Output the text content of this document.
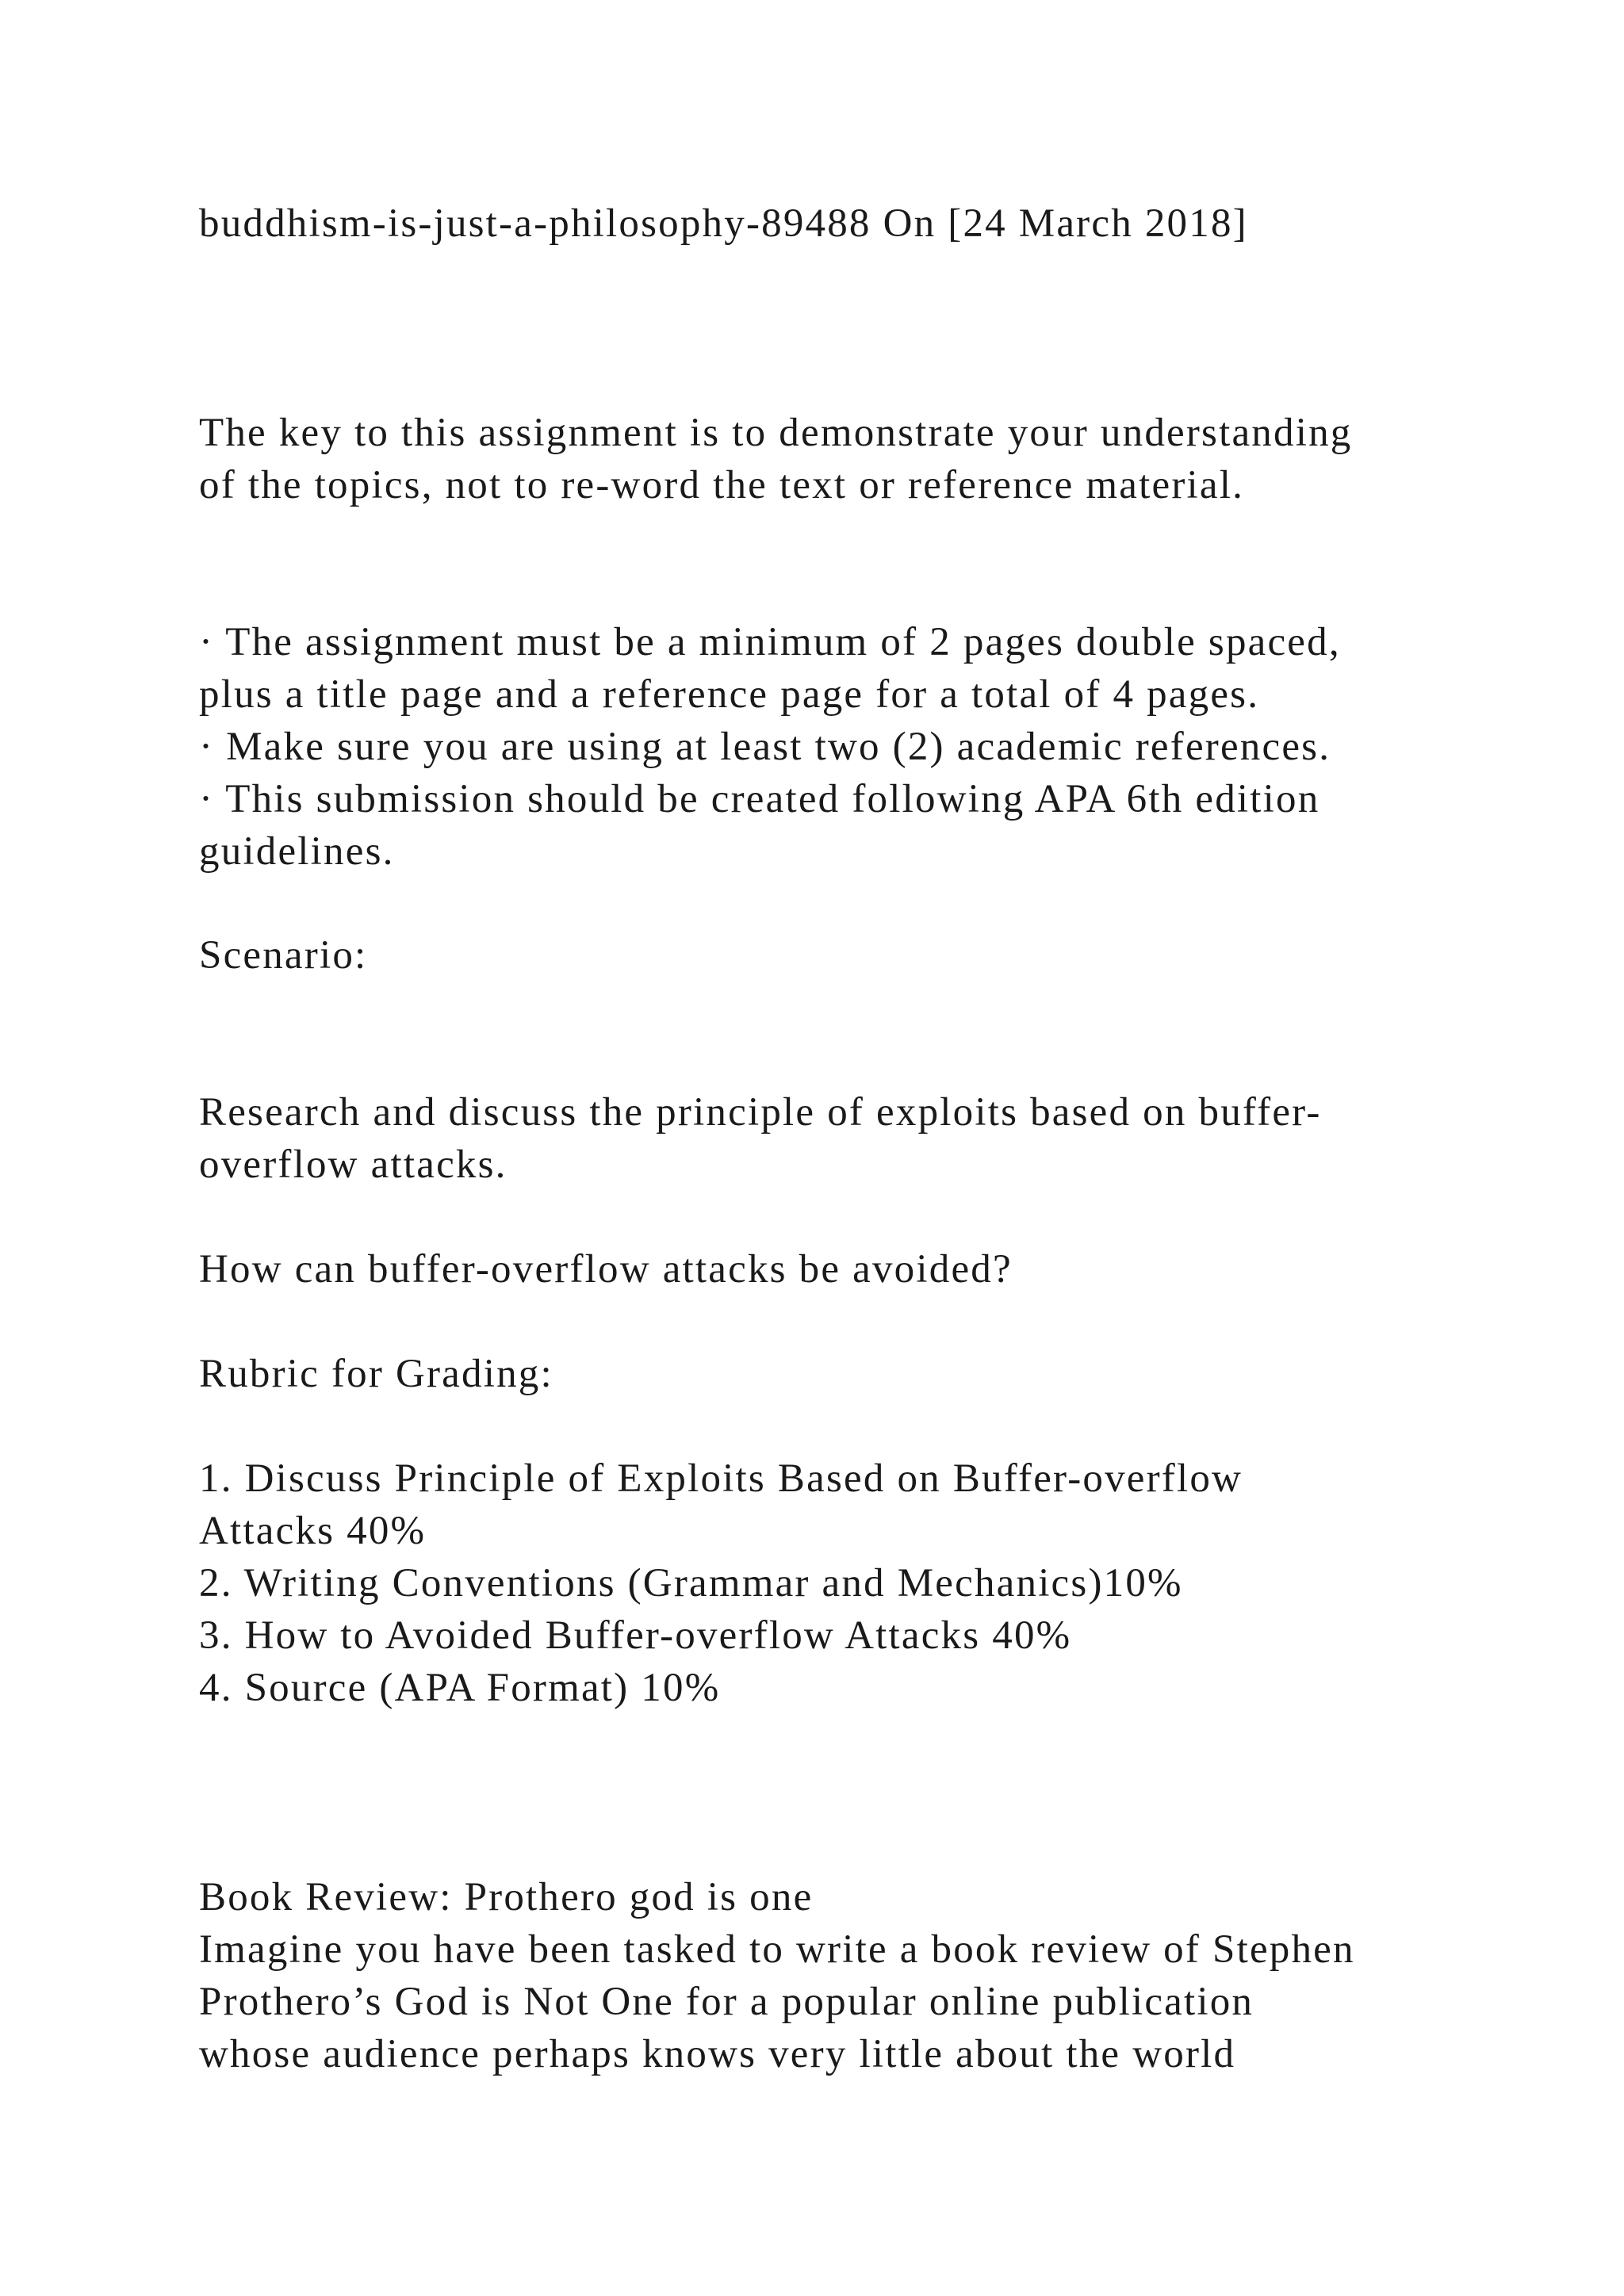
buddhism-is-just-a-philosophy-89488 On [24 March 2018]

The key to this assignment is to demonstrate your understanding

of the topics, not to re-word the text or reference material.

· The assignment must be a minimum of 2 pages double spaced,

plus a title page and a reference page for a total of 4 pages.

· Make sure you are using at least two (2) academic references.

· This submission should be created following APA 6th edition

guidelines.

Scenario:

Research and discuss the principle of exploits based on buffer-

overflow attacks.

How can buffer-overflow attacks be avoided?

Rubric for Grading:

1. Discuss Principle of Exploits Based on Buffer-overflow

Attacks 40%

2. Writing Conventions (Grammar and Mechanics)10%

3. How to Avoided Buffer-overflow Attacks 40%

4. Source (APA Format) 10%

Book Review: Prothero god is one

Imagine you have been tasked to write a book review of Stephen

Prothero’s God is Not One for a popular online publication

whose audience perhaps knows very little about the world
